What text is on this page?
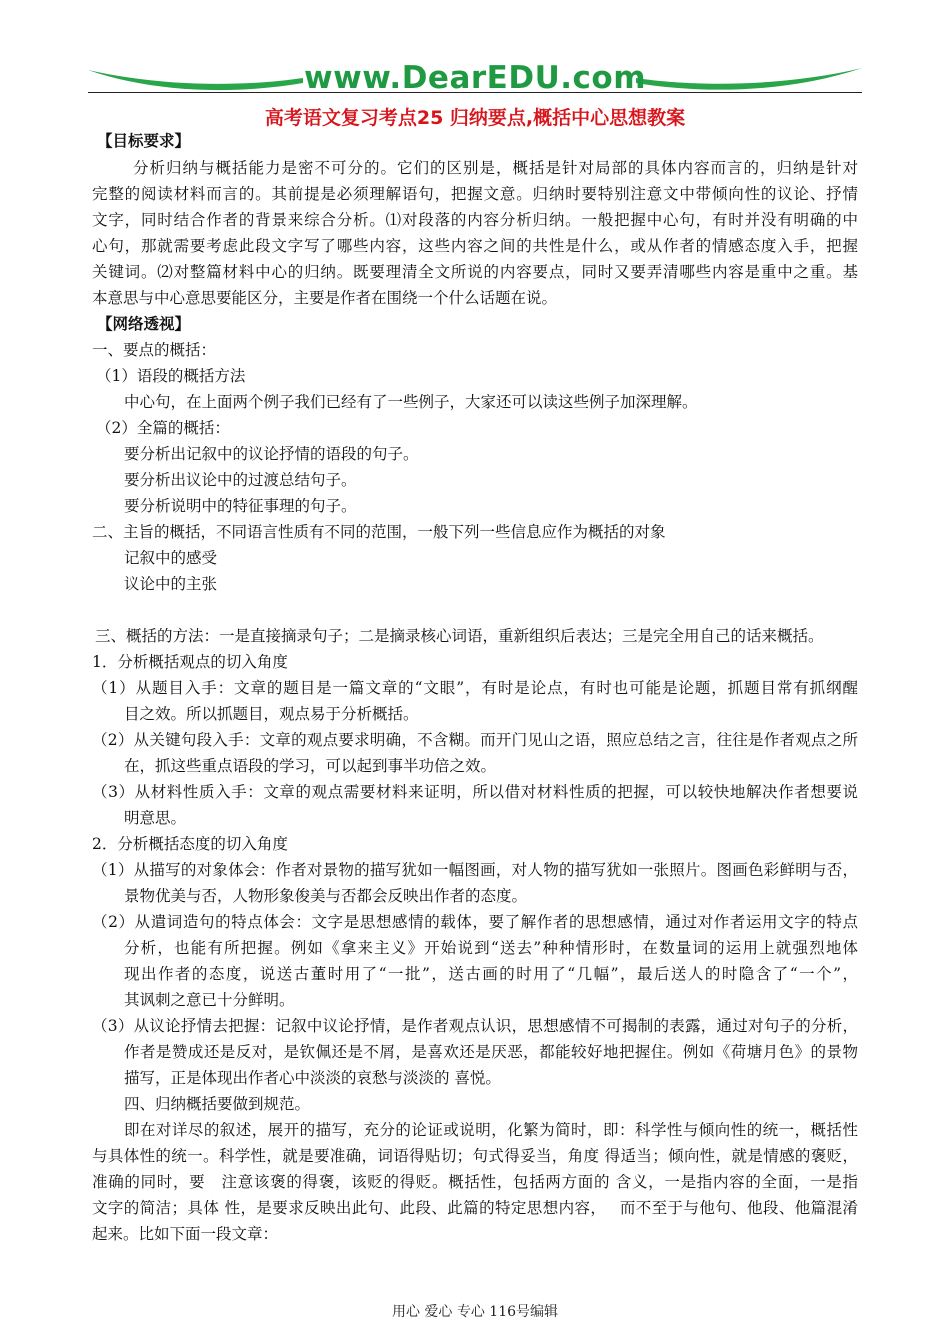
www.DearEDU.com
高考语文复习考点25 归纳要点,概括中心思想教案
【目标要求】
分析归纳与概括能力是密不可分的。它们的区别是，概括是针对局部的具体内容而言的，归纳是针对
完整的阅读材料而言的。其前提是必须理解语句，把握文意。归纳时要特别注意文中带倾向性的议论、抒情
文字，同时结合作者的背景来综合分析。⑴对段落的内容分析归纳。一般把握中心句，有时并没有明确的中
心句，那就需要考虑此段文字写了哪些内容，这些内容之间的共性是什么，或从作者的情感态度入手，把握
关键词。⑵对整篇材料中心的归纳。既要理清全文所说的内容要点，同时又要弄清哪些内容是重中之重。基
本意思与中心意思要能区分，主要是作者在围绕一个什么话题在说。
【网络透视】
一、要点的概括：
（1）语段的概括方法
中心句，在上面两个例子我们已经有了一些例子，大家还可以读这些例子加深理解。
（2）全篇的概括：
要分析出记叙中的议论抒情的语段的句子。
要分析出议论中的过渡总结句子。
要分析说明中的特征事理的句子。
二、主旨的概括，不同语言性质有不同的范围，一般下列一些信息应作为概括的对象
记叙中的感受
议论中的主张
三、概括的方法：一是直接摘录句子；二是摘录核心词语，重新组织后表达；三是完全用自己的话来概括。
1．分析概括观点的切入角度
（1）从题目入手：文章的题目是一篇文章的“文眼”，有时是论点，有时也可能是论题，抓题目常有抓纲醒
目之效。所以抓题目，观点易于分析概括。
（2）从关键句段入手：文章的观点要求明确，不含糊。而开门见山之语，照应总结之言，往往是作者观点之所
在，抓这些重点语段的学习，可以起到事半功倍之效。
（3）从材料性质入手：文章的观点需要材料来证明，所以借对材料性质的把握，可以较快地解决作者想要说
明意思。
2．分析概括态度的切入角度
（1）从描写的对象体会：作者对景物的描写犹如一幅图画，对人物的描写犹如一张照片。图画色彩鲜明与否，
景物优美与否，人物形象俊美与否都会反映出作者的态度。
（2）从遣词造句的特点体会：文字是思想感情的载体，要了解作者的思想感情，通过对作者运用文字的特点
分析，也能有所把握。例如《拿来主义》开始说到“送去”种种情形时，在数量词的运用上就强烈地体
现出作者的态度，说送古董时用了“一批”，送古画的时用了“几幅”，最后送人的时隐含了“一个”，
其讽刺之意已十分鲜明。
（3）从议论抒情去把握：记叙中议论抒情，是作者观点认识，思想感情不可揭制的表露，通过对句子的分析，
作者是赞成还是反对，是钦佩还是不屑，是喜欢还是厌恶，都能较好地把握住。例如《荷塘月色》的景物
描写，正是体现出作者心中淡淡的哀愁与淡淡的 喜悦。
四、归纳概括要做到规范。
即在对详尽的叙述，展开的描写，充分的论证或说明，化繁为简时，即：科学性与倾向性的统一，概括性
与具体性的统一。科学性，就是要准确，词语得贴切；句式得妥当，角度 得适当；倾向性，就是情感的褒贬，
准确的同时，要　注意该褒的得褒，该贬的得贬。概括性，包括两方面的 含义，一是指内容的全面，一是指
文字的简洁；具体 性，是要求反映出此句、此段、此篇的特定思想内容，　 而不至于与他句、他段、他篇混淆
起来。比如下面一段文章：
用心 爱心 专心 116号编辑
